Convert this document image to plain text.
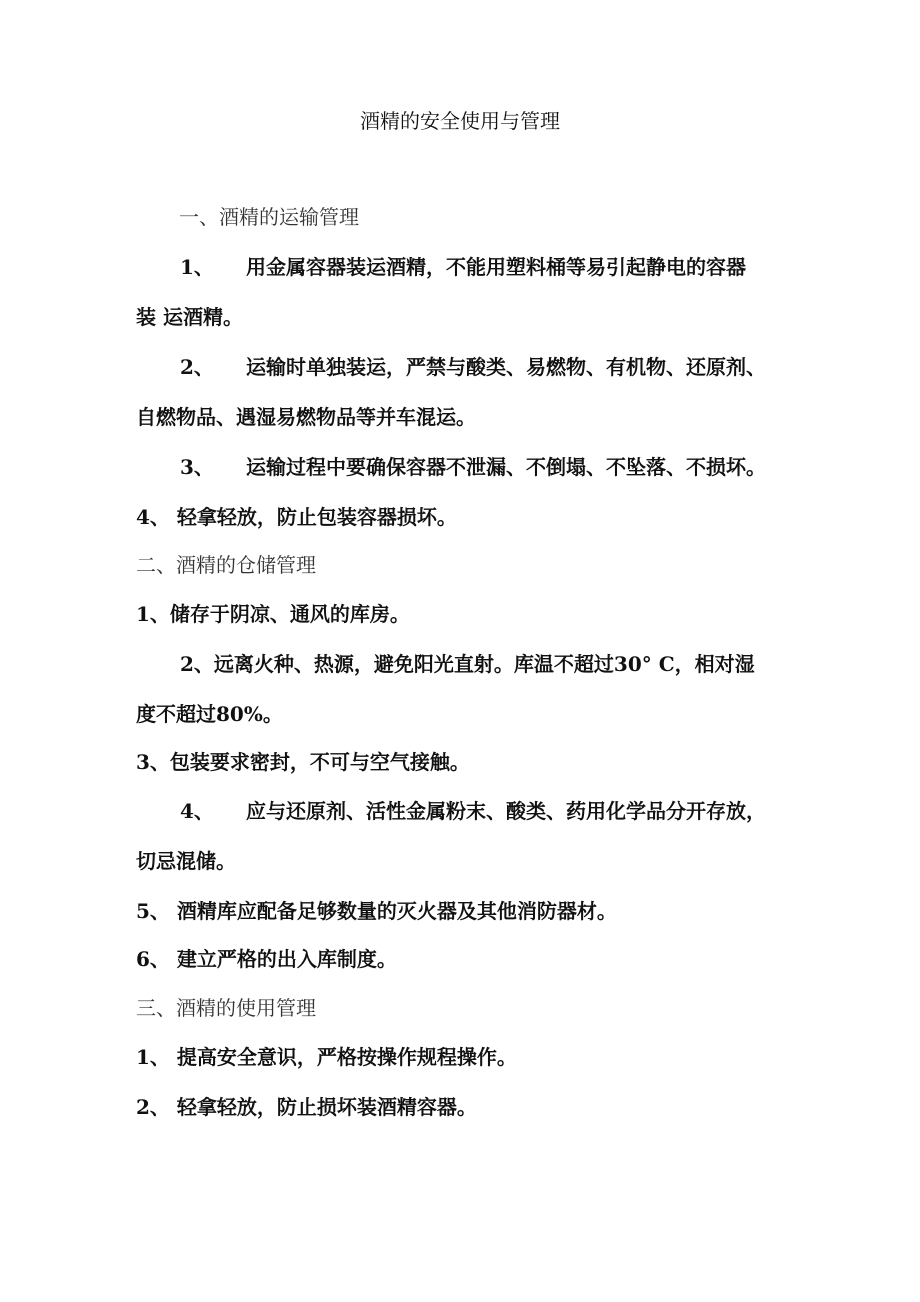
酒精的安全使用与管理
一、酒精的运输管理
1、 用金属容器装运酒精，不能用塑料桶等易引起静电的容器
装 运酒精。
2、 运输时单独装运，严禁与酸类、易燃物、有机物、还原剂、
自燃物品、遇湿易燃物品等并车混运。
3、 运输过程中要确保容器不泄漏、不倒塌、不坠落、不损坏。
4、 轻拿轻放，防止包装容器损坏。
二、酒精的仓储管理
1、储存于阴凉、通风的库房。
2、远离火种、热源，避免阳光直射。库温不超过30° C，相对湿
度不超过80%。
3、包装要求密封，不可与空气接触。
4、 应与还原剂、活性金属粉末、酸类、药用化学品分开存放，
切忌混储。
5、 酒精库应配备足够数量的灭火器及其他消防器材。
6、 建立严格的出入库制度。
三、酒精的使用管理
1、 提高安全意识，严格按操作规程操作。
2、 轻拿轻放，防止损坏装酒精容器。
